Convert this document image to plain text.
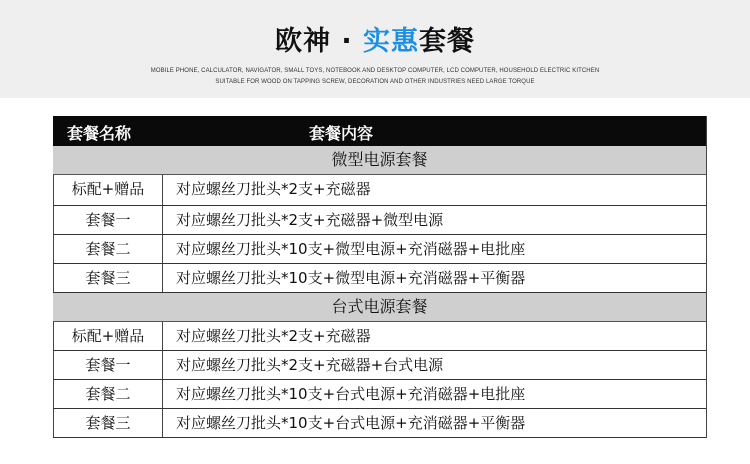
欧神 · 实惠套餐
MOBILE PHONE, CALCULATOR, NAVIGATOR, SMALL TOYS, NOTEBOOK AND DESKTOP COMPUTER, LCD COMPUTER, HOUSEHOLD ELECTRIC KITCHEN
SUITABLE FOR WOOD ON TAPPING SCREW, DECORATION AND OTHER INDUSTRIES NEED LARGE TORQUE
套餐名称	套餐内容
微型电源套餐
标配+赠品	对应螺丝刀批头*2支+充磁器
套餐一	对应螺丝刀批头*2支+充磁器+微型电源
套餐二	对应螺丝刀批头*10支+微型电源+充消磁器+电批座
套餐三	对应螺丝刀批头*10支+微型电源+充消磁器+平衡器
台式电源套餐
标配+赠品	对应螺丝刀批头*2支+充磁器
套餐一	对应螺丝刀批头*2支+充磁器+台式电源
套餐二	对应螺丝刀批头*10支+台式电源+充消磁器+电批座
套餐三	对应螺丝刀批头*10支+台式电源+充消磁器+平衡器
